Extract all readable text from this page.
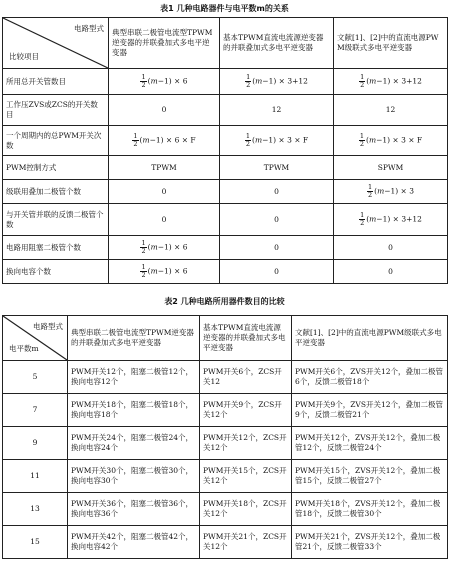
表1 几种电路器件与电平数m的关系
电路型式
比较项目	典型串联二极管电流型TPWM逆变器的并联叠加式多电平逆变器	基本TPWM直流电流源逆变器的并联叠加式多电平逆变器	文献[1]、[2]中的直流电源PWM级联式多电平逆变器
所用总开关管数目	$\frac{1}{2} (m-1) \times 6$	$\frac{1}{2} (m-1) \times 3+12$	$\frac{1}{2} (m-1) \times 3+12$
工作压ZVS或ZCS的开关数目	0	12	12
一个周期内的总PWM开关次数	$\frac{1}{2} (m-1) \times 6 \times F$	$\frac{1}{2} (m-1) \times 3 \times F$	$\frac{1}{2} (m-1) \times 3 \times F$
PWM控制方式	TPWM	TPWM	SPWM
级联用叠加二极管个数	0	0	$\frac{1}{2} (m-1) \times 3$
与开关管并联的反馈二极管个数	0	0	$\frac{1}{2} (m-1) \times 3+12$
电路用阻塞二极管个数	$\frac{1}{2} (m-1) \times 6$	0	0
换向电容个数	$\frac{1}{2} (m-1) \times 6$	0	0
表2 几种电路所用器件数目的比较
电路型式
电平数m	典型串联二极管电流型TPWM逆变器的并联叠加式多电平逆变器	基本TPWM直流电流源逆变器的并联叠加式多电平逆变器	文献[1]、[2]中的直流电源PWM级联式多电平逆变器
5	PWM开关12个，阻塞二极管12个，换向电容12个	PWM开关6个，ZCS开关12	PWM开关6个，ZVS开关12个，叠加二极管6个，反馈二极管18个
7	PWM开关18个，阻塞二极管18个，换向电容18个	PWM开关9个，ZCS开关12个	PWM开关9个，ZVS开关12个，叠加二极管9个，反馈二极管21个
9	PWM开关24个，阻塞二极管24个，换向电容24个	PWM开关12个，ZCS开关12个	PWM开关12个，ZVS开关12个，叠加二极管12个，反馈二极管24个
11	PWM开关30个，阻塞二极管30个，换向电容30个	PWM开关15个，ZCS开关12个	PWM开关15个，ZVS开关12个，叠加二极管15个，反馈二极管27个
13	PWM开关36个，阻塞二极管36个，换向电容36个	PWM开关18个，ZCS开关12个	PWM开关18个，ZVS开关12个，叠加二极管18个，反馈二极管30个
15	PWM开关42个，阻塞二极管42个，换向电容42个	PWM开关21个，ZCS开关12个	PWM开关21个，ZVS开关12个，叠加二极管21个，反馈二极管33个
